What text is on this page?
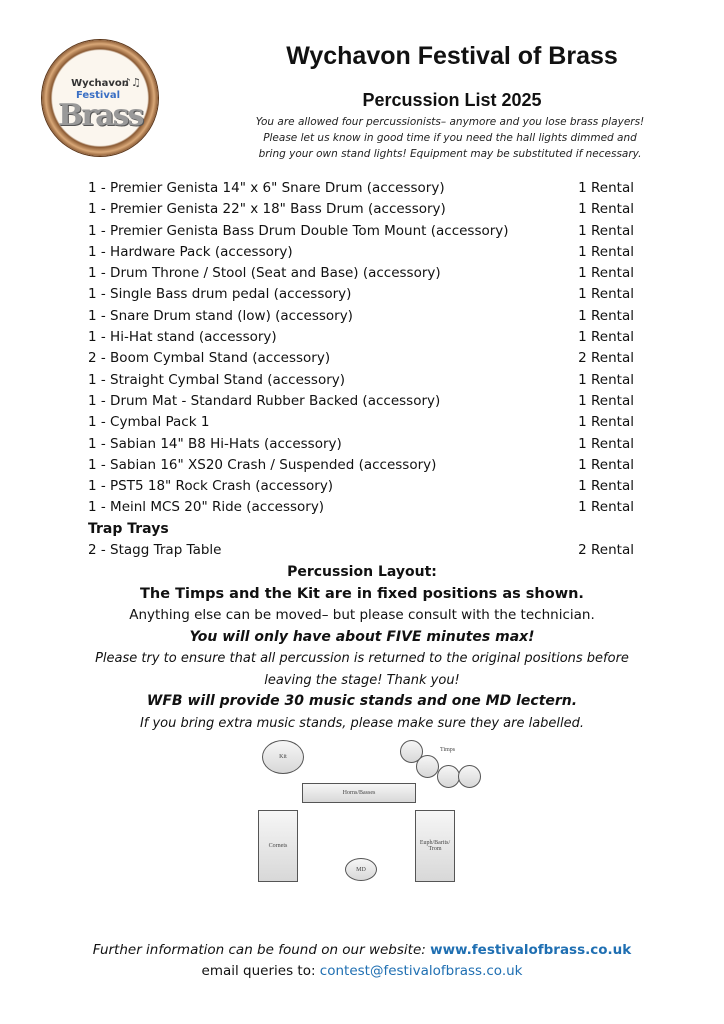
Wychavon
Festival
Brass
♪♫
Wychavon Festival of Brass
Percussion List 2025
You are allowed four percussionists– anymore and you lose brass players!
Please let us know in good time if you need the hall lights dimmed and
bring your own stand lights! Equipment may be substituted if necessary.
1 - Premier Genista 14" x 6" Snare Drum (accessory)	1 Rental
1 - Premier Genista 22" x 18" Bass Drum (accessory)	1 Rental
1 - Premier Genista Bass Drum Double Tom Mount (accessory)	1 Rental
1 - Hardware Pack (accessory)	1 Rental
1 - Drum Throne / Stool (Seat and Base) (accessory)	1 Rental
1 - Single Bass drum pedal (accessory)	1 Rental
1 - Snare Drum stand (low) (accessory)	1 Rental
1 - Hi-Hat stand (accessory)	1 Rental
2 - Boom Cymbal Stand (accessory)	2 Rental
1 - Straight Cymbal Stand (accessory)	1 Rental
1 - Drum Mat - Standard Rubber Backed (accessory)	1 Rental
1 - Cymbal Pack 1	1 Rental
1 - Sabian 14" B8 Hi-Hats (accessory)	1 Rental
1 - Sabian 16" XS20 Crash / Suspended (accessory)	1 Rental
1 - PST5 18" Rock Crash (accessory)	1 Rental
1 - Meinl MCS 20" Ride (accessory)	1 Rental
Trap Trays
2 - Stagg Trap Table	2 Rental
Percussion Layout:
The Timps and the Kit are in fixed positions as shown.
Anything else can be moved– but please consult with the technician.
You will only have about FIVE minutes max!
Please try to ensure that all percussion is returned to the original positions before
leaving the stage! Thank you!
WFB will provide 30 music stands and one MD lectern.
If you bring extra music stands, please make sure they are labelled.
Kit
Timps
Horns/Basses
Cornets	Euph/Barits/ Trom
MD
Further information can be found on our website: www.festivalofbrass.co.uk
email queries to: contest@festivalofbrass.co.uk
